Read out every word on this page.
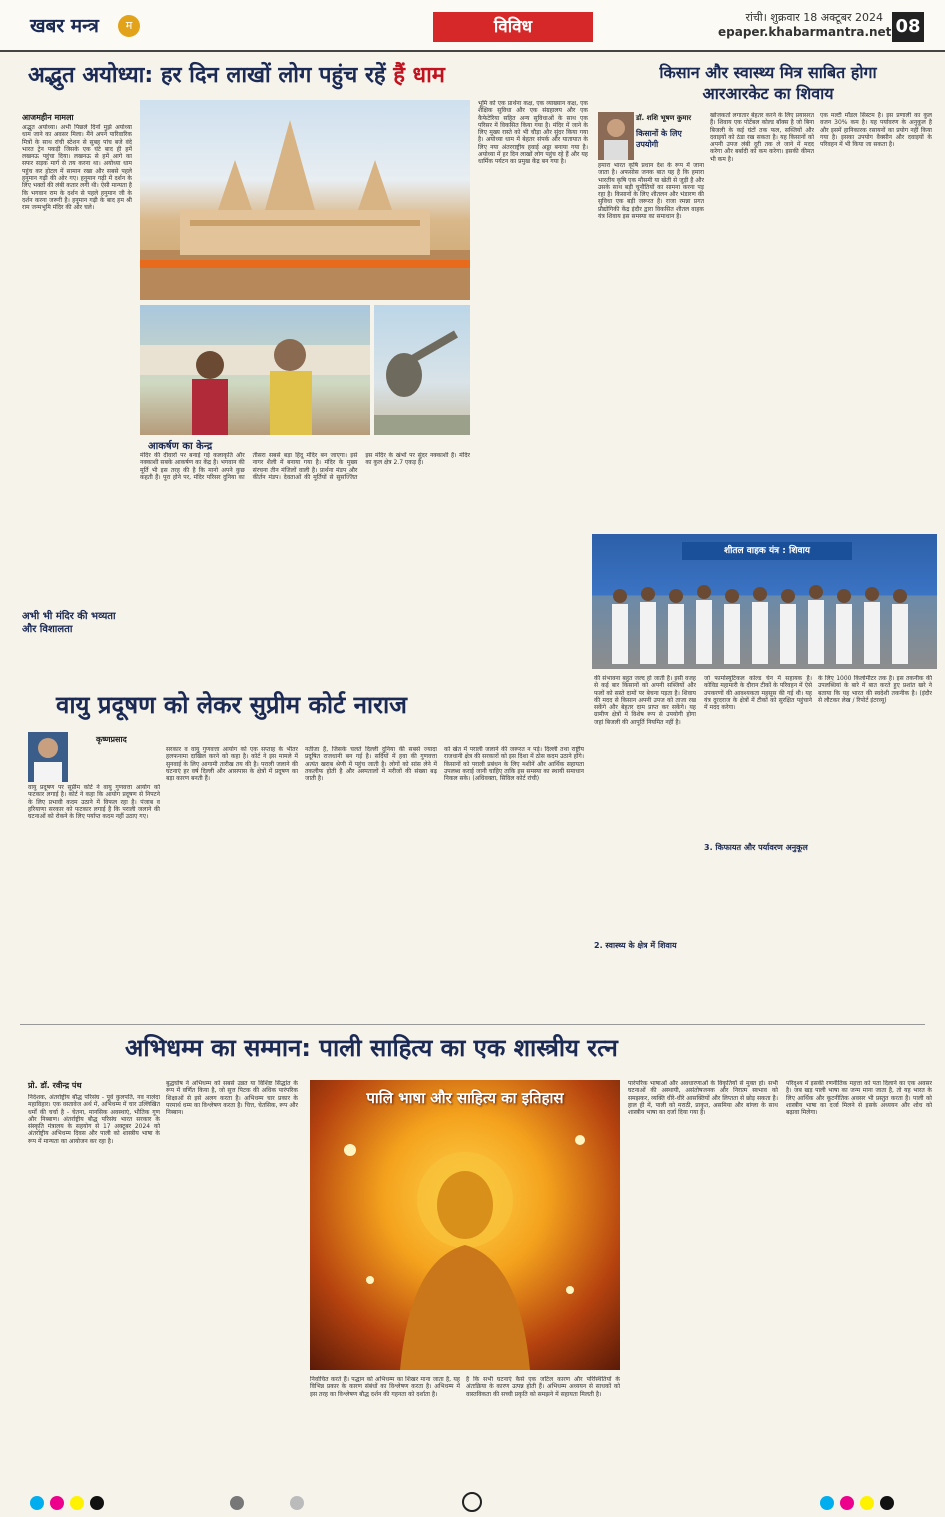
खबर मन्त्र	म	विविध	रांची। शुक्रवार 18 अक्टूबर 2024
epaper.khabarmantra.net 08
अद्भुत अयोध्या: हर दिन लाखों लोग पहुंच रहें हैं धाम
आजमहीन मामला
अद्भुत अयोध्या। अभी पिछले दिनों मुझे अयोध्या धाम जाने का अवसर मिला। मैंने अपने पारिवारिक मित्रों के साथ रांची स्टेशन से सुबह पांच बजे वंदे भारत ट्रेन पकड़ी जिसके एक घंटे बाद ही हमें लखनऊ पहुंचा दिया। लखनऊ से हमें आगे का सफर सड़क मार्ग से तय करना था। अयोध्या धाम पहुंच कर होटल में सामान रखा और सबसे पहले हनुमान गढ़ी की ओर गए। हनुमान गढ़ी में दर्शन के लिए भक्तों की लंबी कतार लगी थी। ऐसी मान्यता है कि भगवान राम के दर्शन से पहले हनुमान जी के दर्शन करना जरूरी है। हनुमान गढ़ी के बाद हम श्री राम जन्मभूमि मंदिर की ओर चले।
अभी भी मंदिर की भव्यता और विशालता
आकर्षण का केन्द्र
मंदिर की दीवारों पर बनाई गई कलाकृति और नक्काशी सबके आकर्षण का केंद्र है। भगवान की मूर्ति भी इस तरह की है कि मानो अपने कुछ कहती हैं। पूरा होने पर, मंदिर परिसर दुनिया का तीसरा सबसे बड़ा हिंदू मंदिर बन जाएगा। इसे नागर शैली में बनाया गया है। मंदिर के मुख्य संरचना तीन मंजिलों वाली है। प्रार्थना मंडप और कीर्तन मंडप। देवताओं की मूर्तियों से सुसज्जित इस मंदिर के खंभों पर सुंदर नक्काशी है। मंदिर का कुल क्षेत्र 2.7 एकड़ है।
भूमि को एक प्रार्थना कक्ष, एक व्याख्यान कक्ष, एक शैक्षिक सुविधा और एक संग्रहालय और एक कैफेटेरिया सहित अन्य सुविधाओं के साथ एक परिसर में विकसित किया गया है। मंदिर में जाने के लिए मुख्य रास्ते को भी चौड़ा और सुंदर किया गया है। अयोध्या धाम में बेहतर संपर्क और यातायात के लिए नया अंतरराष्ट्रीय हवाई अड्डा बनाया गया है। अयोध्या में हर दिन लाखों लोग पहुंच रहे हैं और यह धार्मिक पर्यटन का प्रमुख केंद्र बन गया है।
किसान और स्वास्थ्य मित्र साबित होगा
आरआरकेट का शिवाय
डॉ. शशि भूषण कुमार
किसानों के लिए उपयोगी
हमारा भारत कृषि प्रधान देश के रूप में जाना जाता है। अफसोस जनक बात यह है कि हमारा भारतीय कृषि एक मौसमी या खेती से जुड़ी है और उसके साथ बड़ी चुनौतियों का सामना करना पड़ रहा है। किसानों के लिए शीतलन और भंडारण की सुविधा एक बड़ी जरूरत है। राजा रमन्ना प्रगत प्रौद्योगिकी केंद्र इंदौर द्वारा विकसित शीतल वाहक यंत्र शिवाय इस समस्या का समाधान है।
खोजकर्ता लगातार बेहतर करने के लिए प्रयासरत हैं। शिवाय एक पोर्टेबल कोल्ड बॉक्स है जो बिना बिजली के कई घंटों तक फल, सब्जियों और दवाइयों को ठंडा रख सकता है। यह किसानों को अपनी उपज लंबी दूरी तक ले जाने में मदद करेगा और बर्बादी को कम करेगा। इसकी कीमत भी कम है।
एक मल्टी मॉडल सिस्टम है। इस प्रणाली का कुल वजन 30% कम है। यह पर्यावरण के अनुकूल है और इसमें हानिकारक रसायनों का प्रयोग नहीं किया गया है। इसका उपयोग वैक्सीन और दवाइयों के परिवहन में भी किया जा सकता है।
शीतल वाहक यंत्र : शिवाय
वायु प्रदूषण को लेकर सुप्रीम कोर्ट नाराज
कृष्णप्रसाद
वायु प्रदूषण पर सुप्रीम कोर्ट ने वायु गुणवत्ता आयोग को फटकार लगाई है। कोर्ट ने कहा कि आयोग प्रदूषण से निपटने के लिए प्रभावी कदम उठाने में विफल रहा है। पंजाब व हरियाणा सरकार को फटकार लगाई है कि पराली जलाने की घटनाओं को रोकने के लिए पर्याप्त कदम नहीं उठाए गए।
सरकार व वायु गुणवत्ता आयोग को एक सप्ताह के भीतर हलफनामा दाखिल करने को कहा है। कोर्ट ने इस मामले में सुनवाई के लिए आगामी तारीख तय की है। पराली जलाने की घटनाएं हर वर्ष दिल्ली और आसपास के क्षेत्रों में प्रदूषण का बड़ा कारण बनती हैं।
नतीजा है, जिसके चलते दिल्ली दुनिया की सबसे ज्यादा प्रदूषित राजधानी बन गई है। सर्दियों में हवा की गुणवत्ता अत्यंत खराब श्रेणी में पहुंच जाती है। लोगों को सांस लेने में तकलीफ होती है और अस्पतालों में मरीजों की संख्या बढ़ जाती है।
को खेत में पराली जलाने की जरूरत न पड़े। दिल्ली तथा राष्ट्रीय राजधानी क्षेत्र की सरकारों को इस दिशा में ठोस कदम उठाने होंगे। किसानों को पराली प्रबंधन के लिए मशीनें और आर्थिक सहायता उपलब्ध कराई जानी चाहिए ताकि इस समस्या का स्थायी समाधान निकल सके। (अधिवक्ता, सिविल कोर्ट रांची)
की संभावना बहुत जल्द हो जाती है। इसी वजह से कई बार किसानों को अपनी सब्जियों और फलों को सस्ते दामों पर बेचना पड़ता है। शिवाय की मदद से किसान अपनी उपज को ताजा रख सकेंगे और बेहतर दाम प्राप्त कर सकेंगे। यह ग्रामीण क्षेत्रों में विशेष रूप से उपयोगी होगा जहां बिजली की आपूर्ति नियमित नहीं है।
2. स्वास्थ्य के क्षेत्र में शिवाय
जो फार्मास्यूटिकल कोल्ड चेन में सहायक है। कोविड महामारी के दौरान टीकों के परिवहन में ऐसे उपकरणों की आवश्यकता महसूस की गई थी। यह यंत्र दूरदराज के क्षेत्रों में टीकों को सुरक्षित पहुंचाने में मदद करेगा।
3. किफायत और पर्यावरण अनुकूल
के लिए 1000 किलोमीटर तक है। इस तकनीक की उपलब्धियां के बारे में बात करते हुए प्रशांत खरे ने बताया कि यह भारत की स्वदेशी तकनीक है। (इंदौर से लौटकर लेख / रिपोर्ट इंटरव्यू)
अभिधम्म का सम्मान: पाली साहित्य का एक शास्त्रीय रत्न
प्रो. डॉ. रवीन्द्र पंथ
निदेशक, अंतर्राष्ट्रीय बौद्ध परिसंघ - पूर्व कुलपति, नव नालंदा महाविहार। एक वस्तावेज अर्थ में, अभिधम्म में चार उल्लिखित धर्मों की चर्चा है - चेतना, मानसिक अवस्थाएं, भौतिक गुण और निब्बाण। अंतर्राष्ट्रीय बौद्ध परिसंघ भारत सरकार के संस्कृति मंत्रालय के सहयोग से 17 अक्टूबर 2024 को अंतर्राष्ट्रीय अभिधम्म दिवस और पाली को शास्त्रीय भाषा के रूप में मान्यता का आयोजन कर रहा है।
बुद्धघोष ने अभिधम्म को सबसे उन्नत या विशिष्ट सिद्धांत के रूप में वर्णित किया है, जो सुत्त पिटक की अधिक पारंपरिक शिक्षाओं से इसे अलग करता है। अभिधम्म चार प्रकार के परमार्थ धम्म का विश्लेषण करता है। चित्त, चेतसिक, रूप और निब्बान।
पालि भाषा और साहित्य का इतिहास
निर्वाचित करते हैं। पद्धान को अभिधम्म का शिखर माना जाता है, यह विभिन्न प्रकार के कारण संबंधों का विश्लेषण करता है। अभिधम्म में इस तरह का विश्लेषण बौद्ध दर्शन की गहनता को दर्शाता है।
है कि सभी घटनाएं कैसे एक जटिल कारण और परिस्थितियों के अंतःक्रिया के कारण उत्पन्न होती हैं। अभिधम्म अध्ययन से साधकों को वास्तविकता की सच्ची प्रकृति को समझने में सहायता मिलती है।
पारंपरिक भाषाओं और अवधारणाओं के विकृतियों से मुक्त हो। सभी घटनाओं की अस्थायी, असंतोषजनक और निरात्म स्वभाव को समझकर, व्यक्ति धीरे-धीरे आसक्तियों और लिप्तता से छोड़ सकता है। हाल ही में, पाली को मराठी, प्राकृत, असमिया और बांग्ला के साथ शास्त्रीय भाषा का दर्जा दिया गया है।
परिदृश्य में इसकी रणनीतिक महत्ता को पता दिलाने का एक अवसर है। जब खड़ पाली भाषा का जन्म माना जाता है, तो यह भारत के लिए आर्थिक और कूटनीतिक अवसर भी प्रस्तुत करता है। पाली को शास्त्रीय भाषा का दर्जा मिलने से इसके अध्ययन और शोध को बढ़ावा मिलेगा।
